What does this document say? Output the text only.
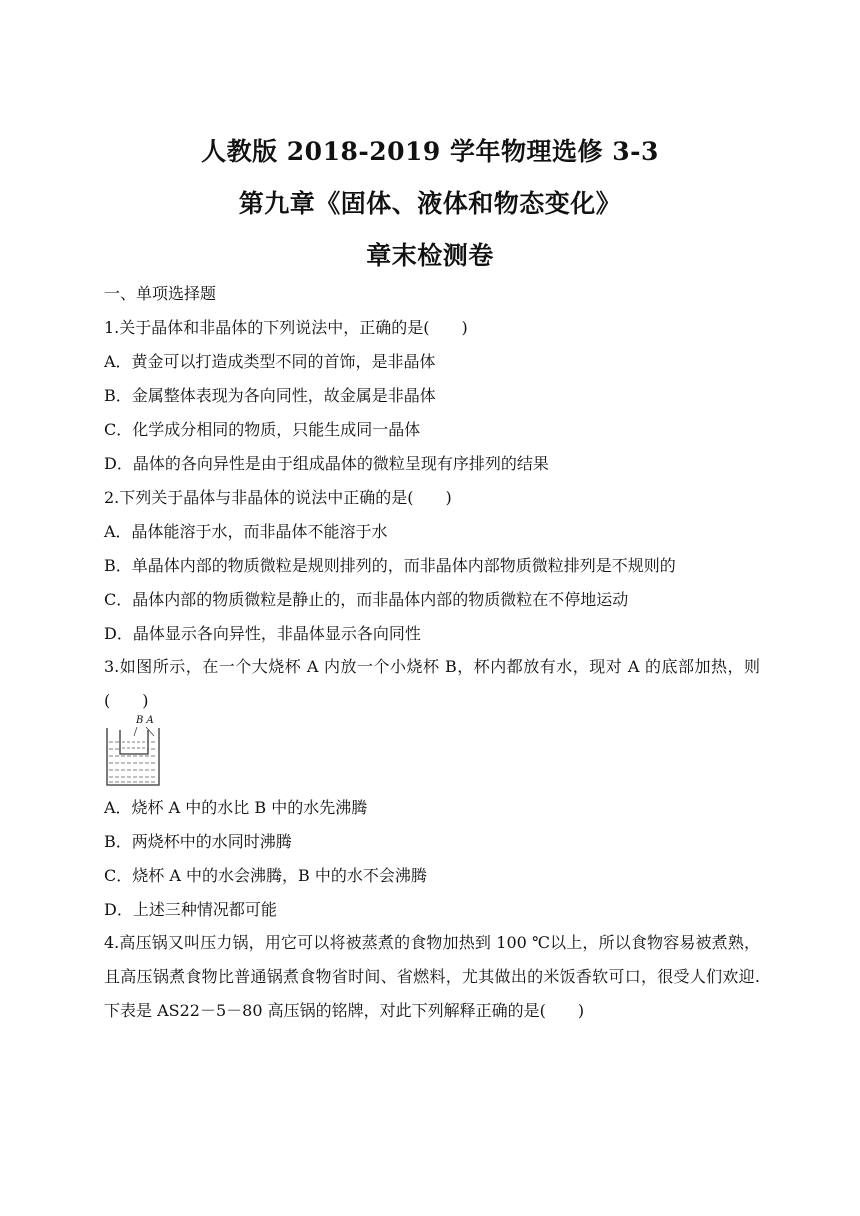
人教版 2018-2019 学年物理选修 3-3
第九章《固体、液体和物态变化》
章末检测卷
一、单项选择题
1.关于晶体和非晶体的下列说法中，正确的是(　　)
A．黄金可以打造成类型不同的首饰，是非晶体
B．金属整体表现为各向同性，故金属是非晶体
C．化学成分相同的物质，只能生成同一晶体
D．晶体的各向异性是由于组成晶体的微粒呈现有序排列的结果
2.下列关于晶体与非晶体的说法中正确的是(　　)
A．晶体能溶于水，而非晶体不能溶于水
B．单晶体内部的物质微粒是规则排列的，而非晶体内部物质微粒排列是不规则的
C．晶体内部的物质微粒是静止的，而非晶体内部的物质微粒在不停地运动
D．晶体显示各向异性，非晶体显示各向同性
3.如图所示，在一个大烧杯 A 内放一个小烧杯 B，杯内都放有水，现对 A 的底部加热，则(　　)
B A
A．烧杯 A 中的水比 B 中的水先沸腾
B．两烧杯中的水同时沸腾
C．烧杯 A 中的水会沸腾，B 中的水不会沸腾
D．上述三种情况都可能
4.高压锅又叫压力锅，用它可以将被蒸煮的食物加热到 100 ℃以上，所以食物容易被煮熟，且高压锅煮食物比普通锅煮食物省时间、省燃料，尤其做出的米饭香软可口，很受人们欢迎.下表是 AS22－5－80 高压锅的铭牌，对此下列解释正确的是(　　)
